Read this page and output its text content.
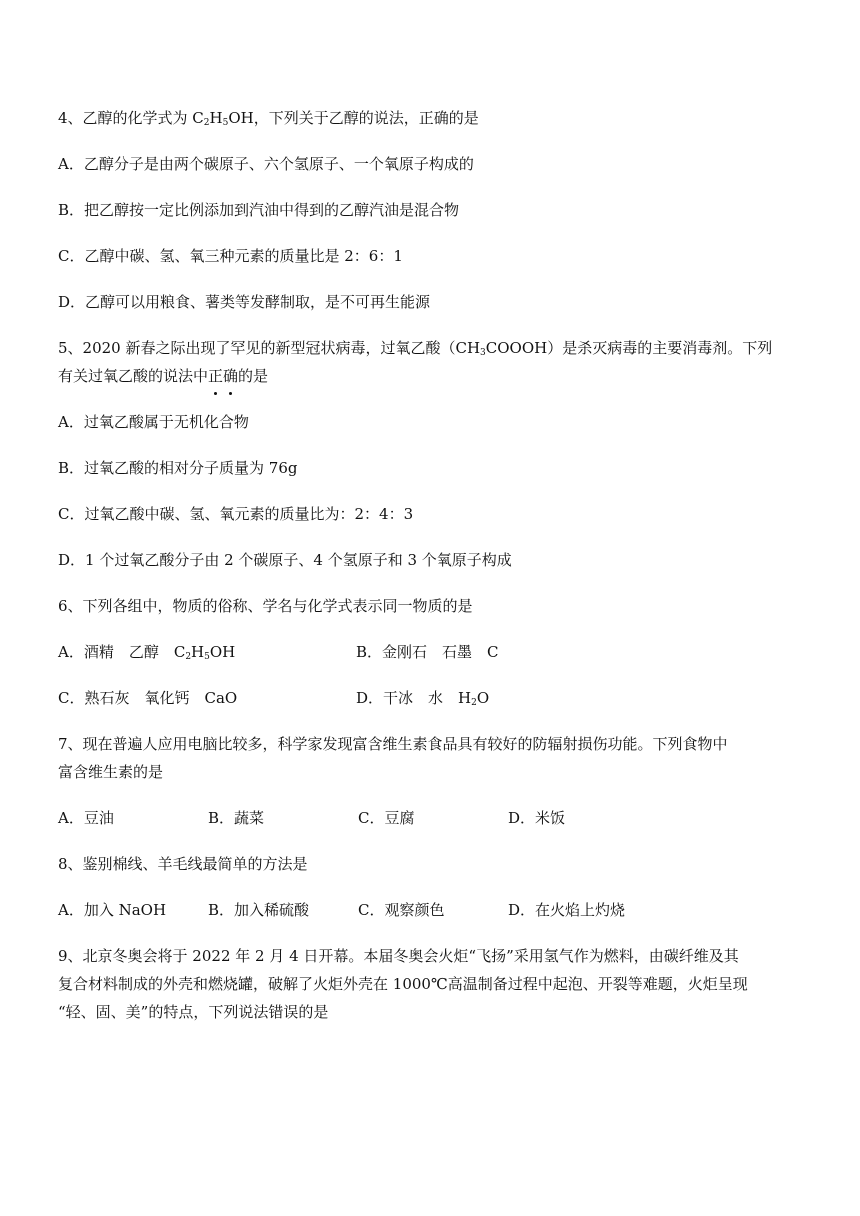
4、乙醇的化学式为 $C_2H_5OH$，下列关于乙醇的说法，正确的是
A．乙醇分子是由两个碳原子、六个氢原子、一个氧原子构成的
B．把乙醇按一定比例添加到汽油中得到的乙醇汽油是混合物
C．乙醇中碳、氢、氧三种元素的质量比是 2：6：1
D．乙醇可以用粮食、薯类等发酵制取，是不可再生能源
5、2020 新春之际出现了罕见的新型冠状病毒，过氧乙酸$(CH_3COOOH)$是杀灭病毒的主要消毒剂。下列
有关过氧乙酸的说法中正确的是
A．过氧乙酸属于无机化合物
B．过氧乙酸的相对分子质量为 76g
C．过氧乙酸中碳、氢、氧元素的质量比为：2：4：3
D．1 个过氧乙酸分子由 2 个碳原子、4 个氢原子和 3 个氧原子构成
6、下列各组中，物质的俗称、学名与化学式表示同一物质的是
A．酒精　乙醇　$C_2H_5OH$	B．金刚石　石墨　C
C．熟石灰　氧化钙　CaO	D．干冰　水　$H_2O$
7、现在普遍人应用电脑比较多，科学家发现富含维生素食品具有较好的防辐射损伤功能。下列食物中
富含维生素的是
A．豆油	B．蔬菜	C．豆腐	D．米饭
8、鉴别棉线、羊毛线最简单的方法是
A．加入 NaOH	B．加入稀硫酸	C．观察颜色	D．在火焰上灼烧
9、北京冬奥会将于 2022 年 2 月 4 日开幕。本届冬奥会火炬“飞扬”采用氢气作为燃料，由碳纤维及其
复合材料制成的外壳和燃烧罐，破解了火炬外壳在 1000℃高温制备过程中起泡、开裂等难题，火炬呈现
“轻、固、美”的特点，下列说法错误的是
